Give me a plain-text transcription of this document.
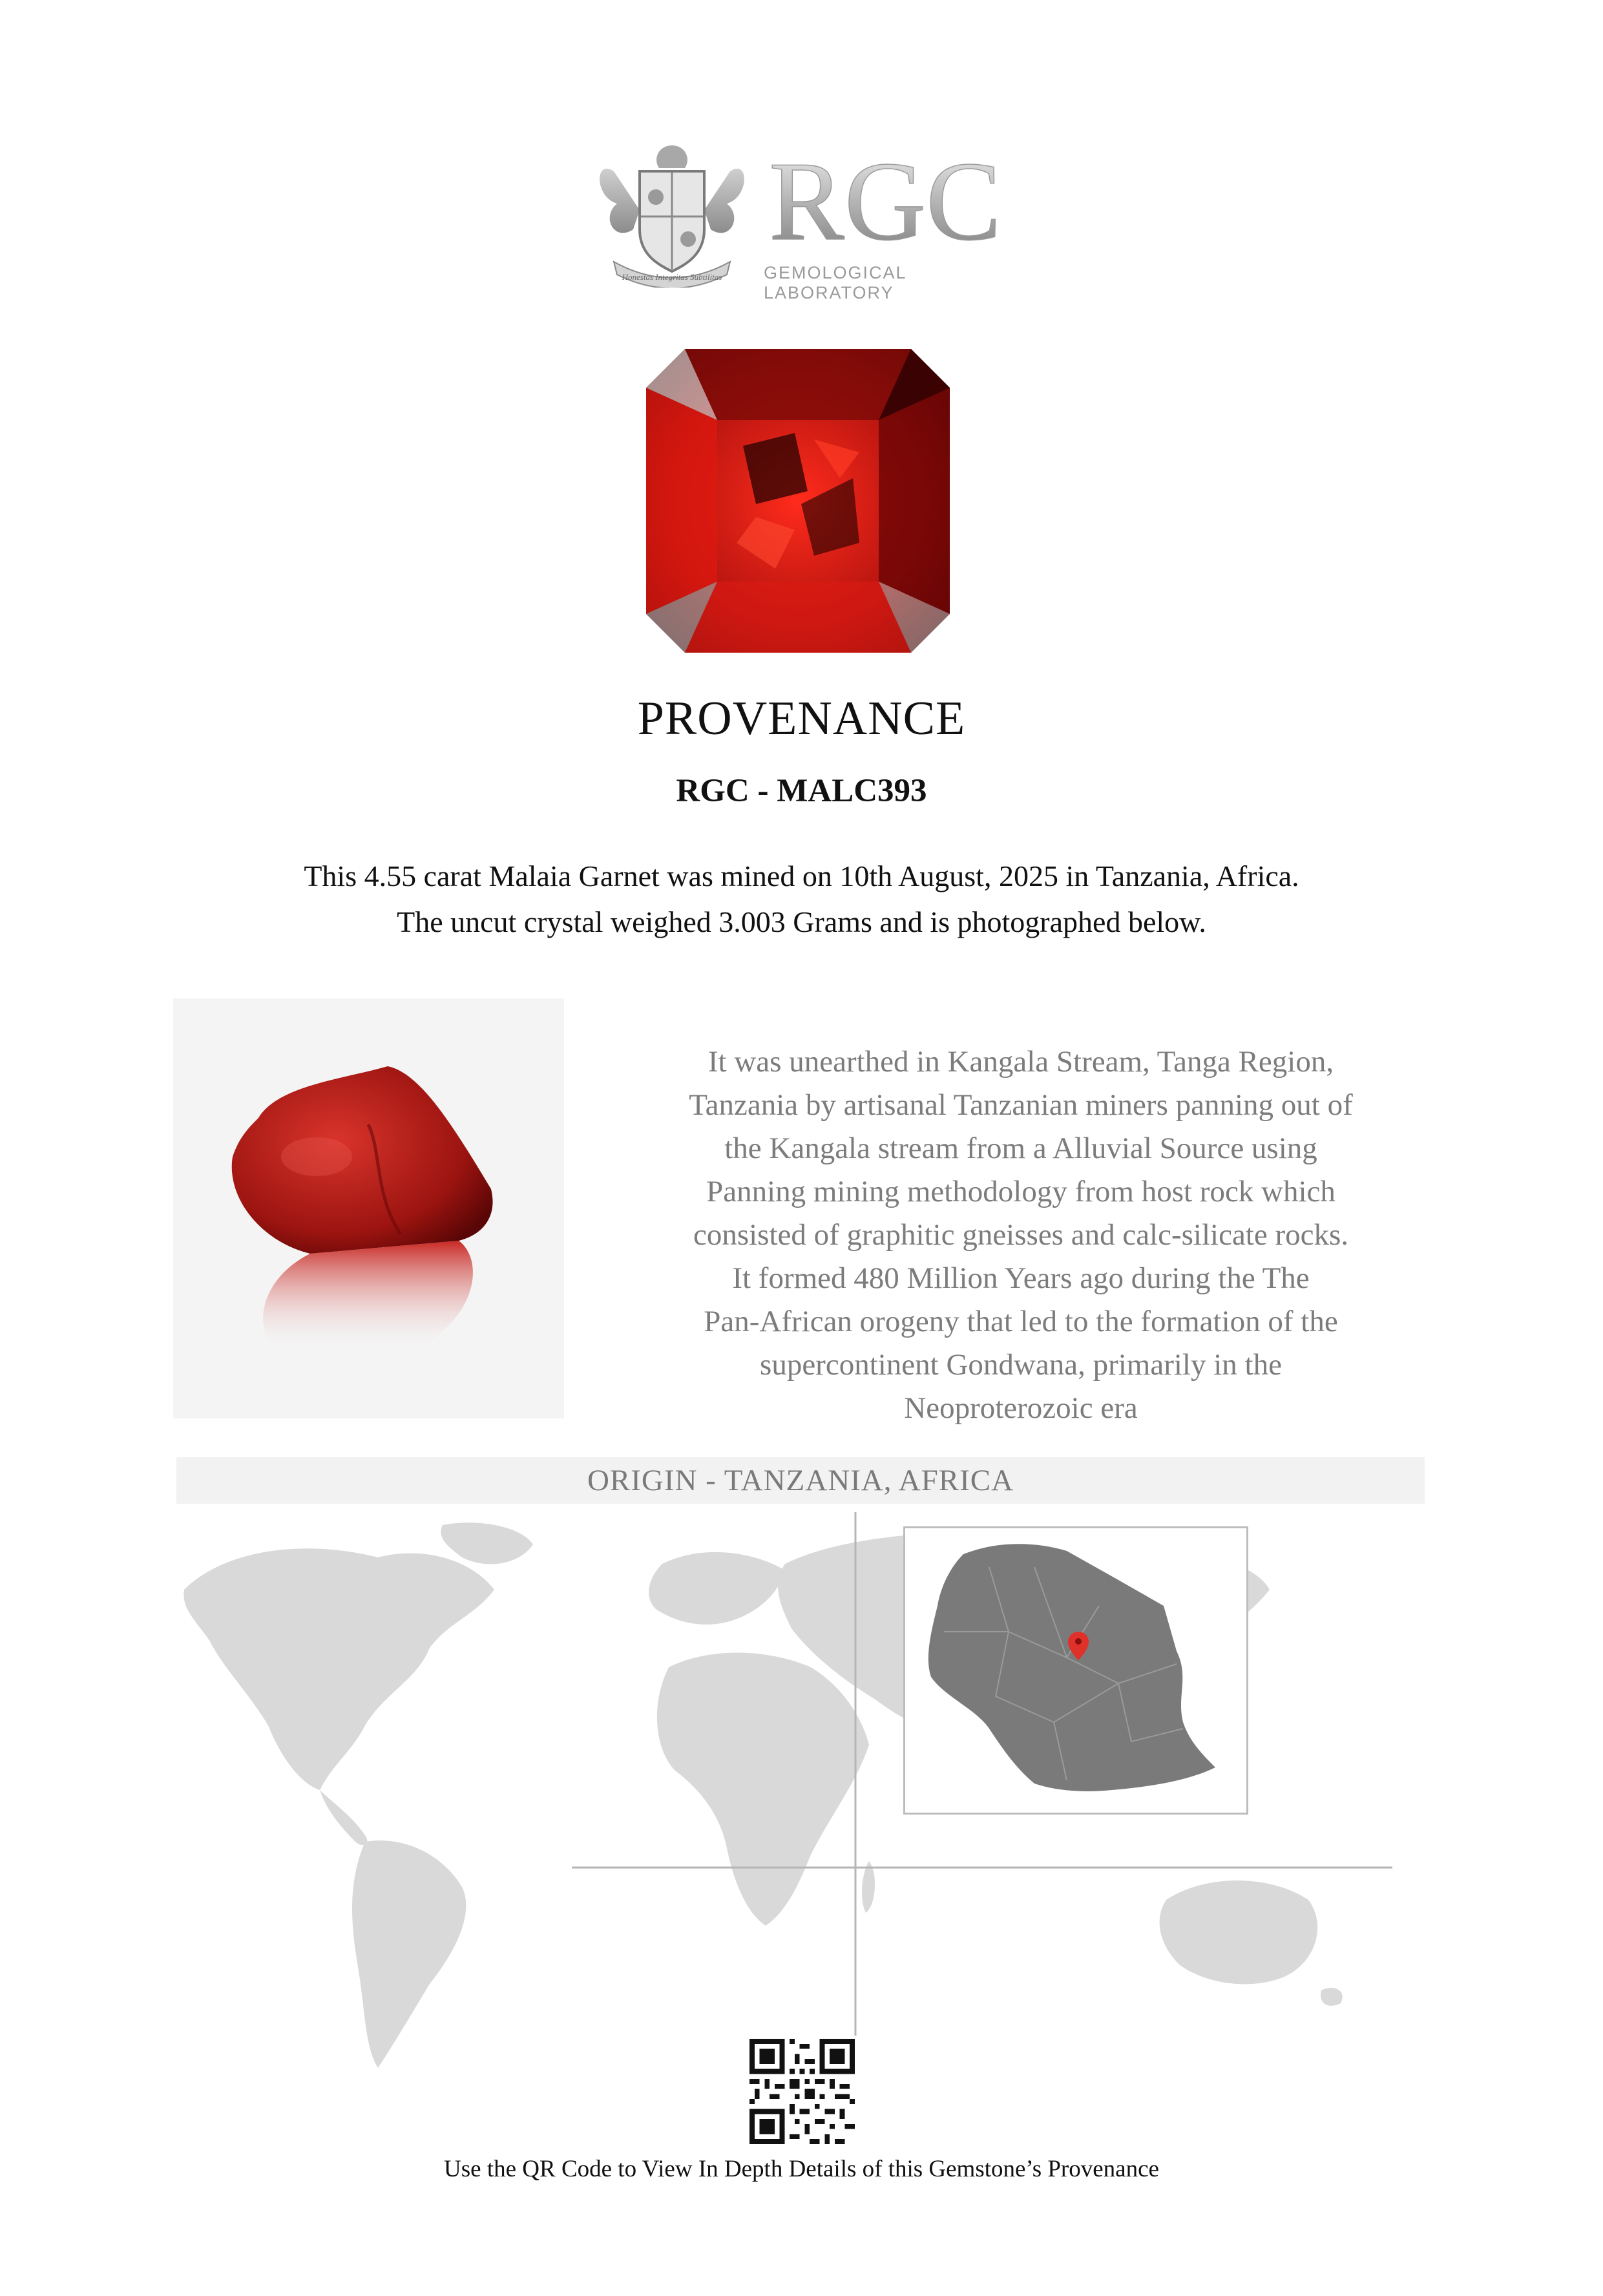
Honestas Integritas Subtilitas
RGC
GEMOLOGICAL LABORATORY
PROVENANCE
RGC - MALC393
This 4.55 carat Malaia Garnet was mined on 10th August, 2025 in Tanzania, Africa.
The uncut crystal weighed 3.003 Grams and is photographed below.
It was unearthed in Kangala Stream, Tanga Region,
Tanzania by artisanal Tanzanian miners panning out of
the Kangala stream from a Alluvial Source using
Panning mining methodology from host rock which
consisted of graphitic gneisses and calc-silicate rocks.
It formed 480 Million Years ago during the The
Pan-African orogeny that led to the formation of the
supercontinent Gondwana, primarily in the
Neoproterozoic era
ORIGIN - TANZANIA, AFRICA
Use the QR Code to View In Depth Details of this Gemstone’s Provenance
